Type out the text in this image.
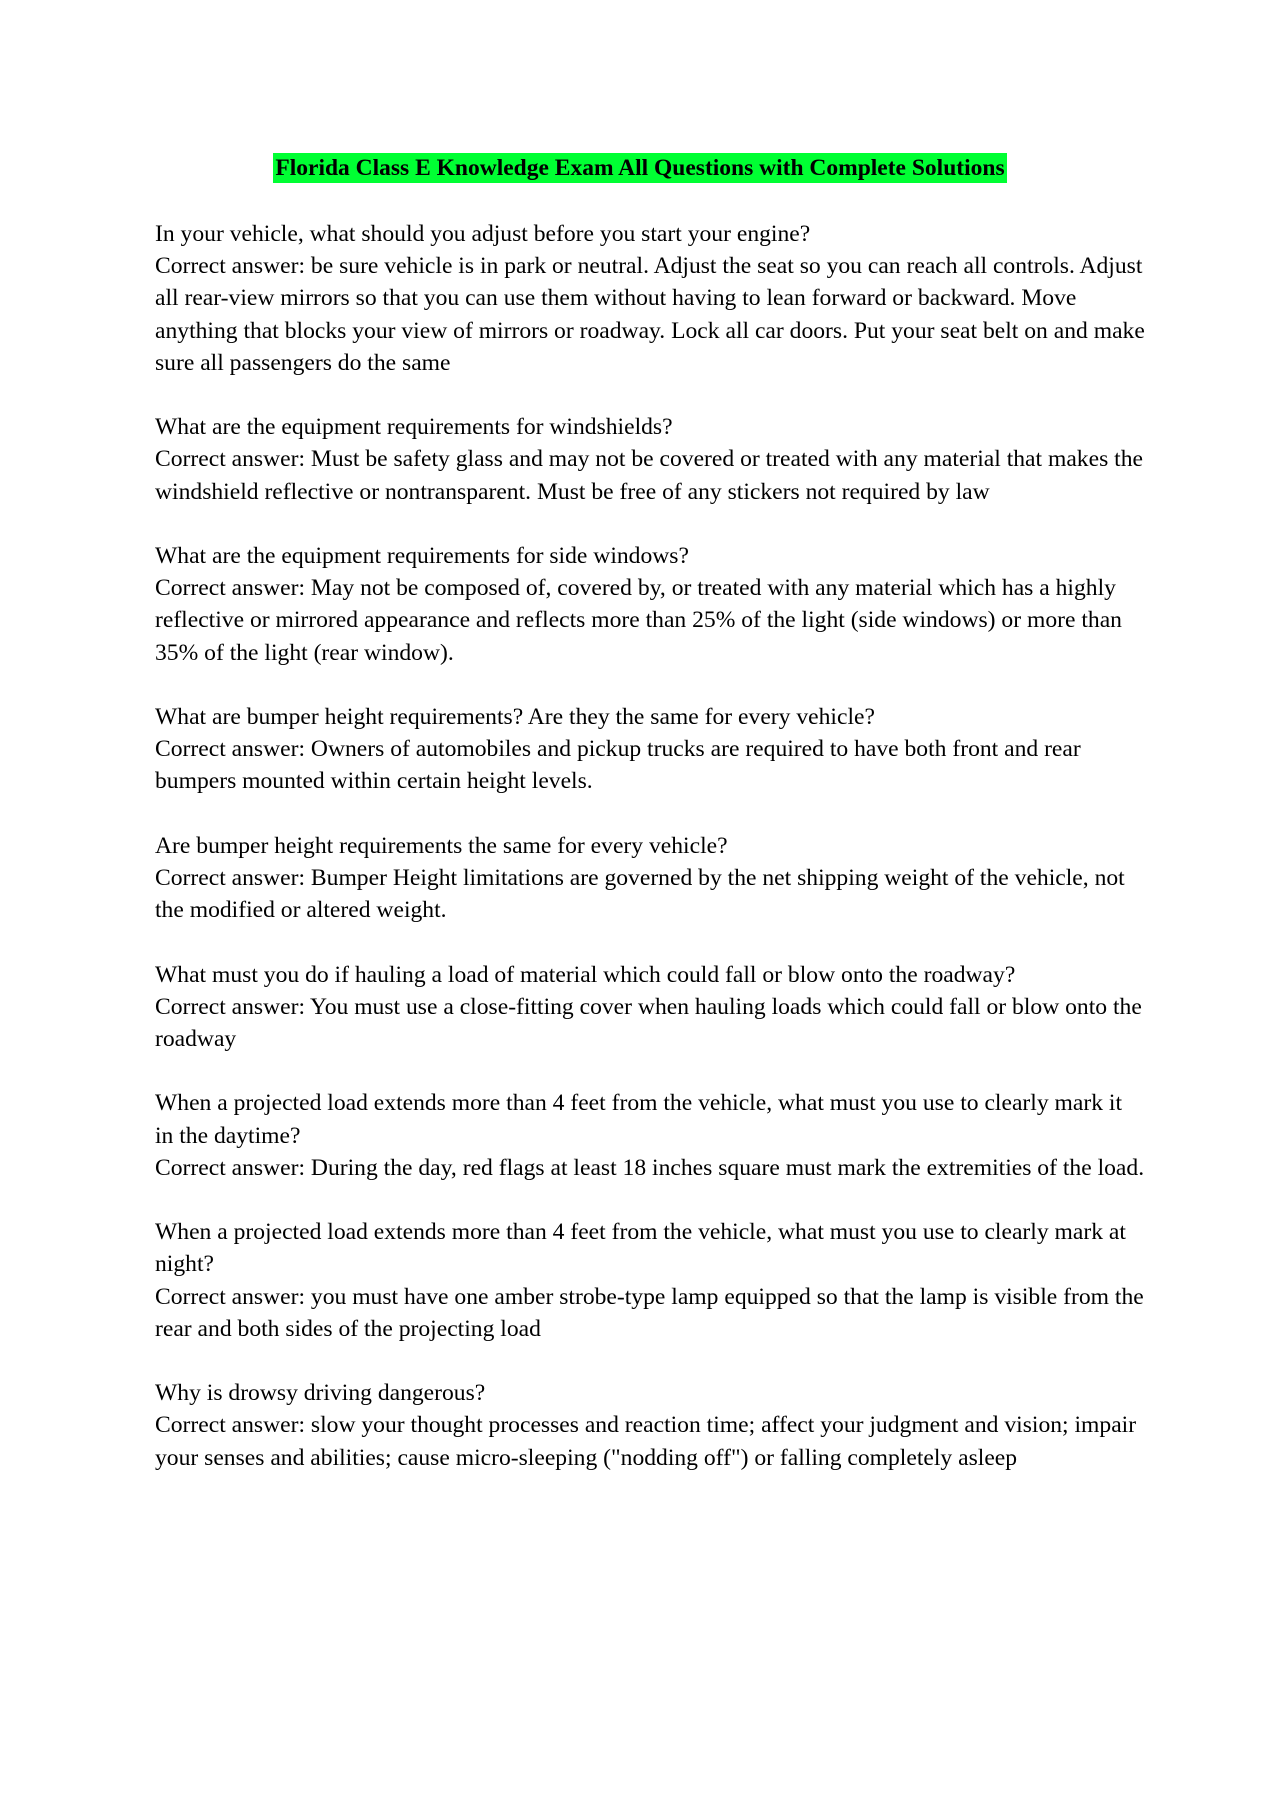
Florida Class E Knowledge Exam All Questions with Complete Solutions

In your vehicle, what should you adjust before you start your engine?

Correct answer: be sure vehicle is in park or neutral. Adjust the seat so you can reach all controls. Adjust all rear-view mirrors so that you can use them without having to lean forward or backward. Move anything that blocks your view of mirrors or roadway. Lock all car doors. Put your seat belt on and make sure all passengers do the same

What are the equipment requirements for windshields?

Correct answer: Must be safety glass and may not be covered or treated with any material that makes the windshield reflective or nontransparent. Must be free of any stickers not required by law

What are the equipment requirements for side windows?

Correct answer: May not be composed of, covered by, or treated with any material which has a highly reflective or mirrored appearance and reflects more than 25% of the light (side windows) or more than 35% of the light (rear window).

What are bumper height requirements? Are they the same for every vehicle?

Correct answer: Owners of automobiles and pickup trucks are required to have both front and rear bumpers mounted within certain height levels.

Are bumper height requirements the same for every vehicle?

Correct answer: Bumper Height limitations are governed by the net shipping weight of the vehicle, not the modified or altered weight.

What must you do if hauling a load of material which could fall or blow onto the roadway?

Correct answer: You must use a close-fitting cover when hauling loads which could fall or blow onto the roadway

When a projected load extends more than 4 feet from the vehicle, what must you use to clearly mark it in the daytime?

Correct answer: During the day, red flags at least 18 inches square must mark the extremities of the load.

When a projected load extends more than 4 feet from the vehicle, what must you use to clearly mark at night?

Correct answer: you must have one amber strobe-type lamp equipped so that the lamp is visible from the rear and both sides of the projecting load

Why is drowsy driving dangerous?

Correct answer: slow your thought processes and reaction time; affect your judgment and vision; impair your senses and abilities; cause micro-sleeping ("nodding off") or falling completely asleep
